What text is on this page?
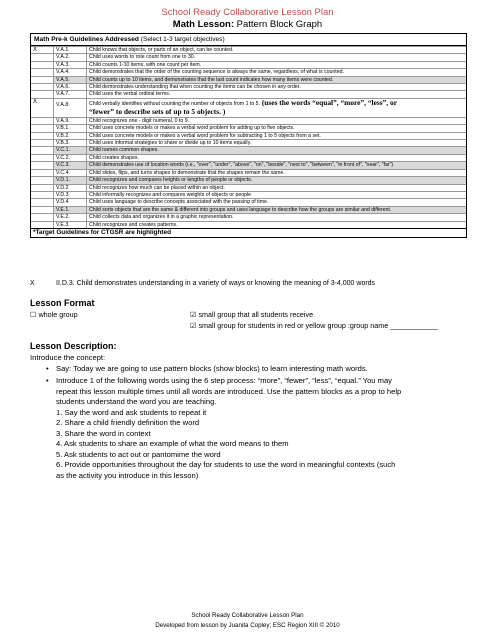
School Ready Collaborative Lesson Plan
Math Lesson: Pattern Block Graph
Math Pre-k Guidelines Addressed (Select 1-3 target objectives)
X	V.A.1.	Child knows that objects, or parts of an object, can be counted.
	V.A.2.	Child uses words to rote count from one to 30.
	V.A.3.	Child counts 1-10 items, with one count per item.
	V.A.4.	Child demonstrates that the order of the counting sequence is always the same, regardless, of what is counted.
	V.A.5.	Child counts up to 10 items, and demonstrates that the last count indicates how many items were counted.
	V.A.6.	Child demonstrates understanding that when counting the items can be chosen in any order.
	V.A.7.	Child uses the verbal ordinal terms.
X	V.A.8.	Child verbally identifies without counting the number of objects from 1 to 5. (uses the words “equal”, “more”, “less”, or
“fewer” to describe sets of up to 5 objects. )
	V.A.9.	Child recognizes one - digit numeral, 0 to 9.
	V.B.1.	Child uses concrete models or makes a verbal word problem for adding up to five objects.
	V.B.2.	Child uses concrete models or makes a verbal word problem for subtracting 1 to 5 objects from a set.
	V.B.3.	Child uses informal strategies to share or divide up to 10 items equally.
	V.C.1.	Child names common shapes.
	V.C.2.	Child creates shapes.
	V.C.3.	Child demonstrates use of location words (i.e., "over", "under", "above", "on", "beside", "next to", "between", "in front of", "near", "far")
	V.C.4.	Child slides, flips, and turns shapes to demonstrate that the shapes remain the same.
	V.D.1.	Child recognizes and compares heights or lengths of people or objects.
	V.D.2	Child recognizes how much can be placed within an object.
	V.D.3	Child informally recognizes and compares weights of objects or people
	V.D.4	Child uses language to describe concepts associated with the passing of time.
	V.E.1.	Child sorts objects that are the same & different into groups and uses language to describe how the groups are similar and different.
	V.E.2.	Child collects data and organizes it in a graphic representation.
	V.E.3.	Child recognizes and creates patterns.
*Target Guidelines for CTGSR are highlighted
X	II.D.3. Child demonstrates understanding in a variety of ways or knowing the meaning of 3-4,000 words
Lesson Format
☐ whole group	☑ small group that all students receive
☑ small group for students in red or yellow group :group name ____________
Lesson Description:
Introduce the concept:
• Say: Today we are going to use pattern blocks (show blocks) to learn interesting math words.
• Introduce 1 of the following words using the 6 step process: “more”, “fewer”, “less”, “equal.” You may
repeat this lesson multiple times until all words are introduced. Use the pattern blocks as a prop to help
students understand the word you are teaching.
1. Say the word and ask students to repeat it
2. Share a child friendly definition the word
3. Share the word in context
4. Ask students to share an example of what the word means to them
5. Ask students to act out or pantomime the word
6. Provide opportunities throughout the day for students to use the word in meaningful contexts (such
as the activity you introduce in this lesson)
School Ready Collaborative Lesson Plan
Developed from lesson by Juanita Copley; ESC Region XIII © 2010
